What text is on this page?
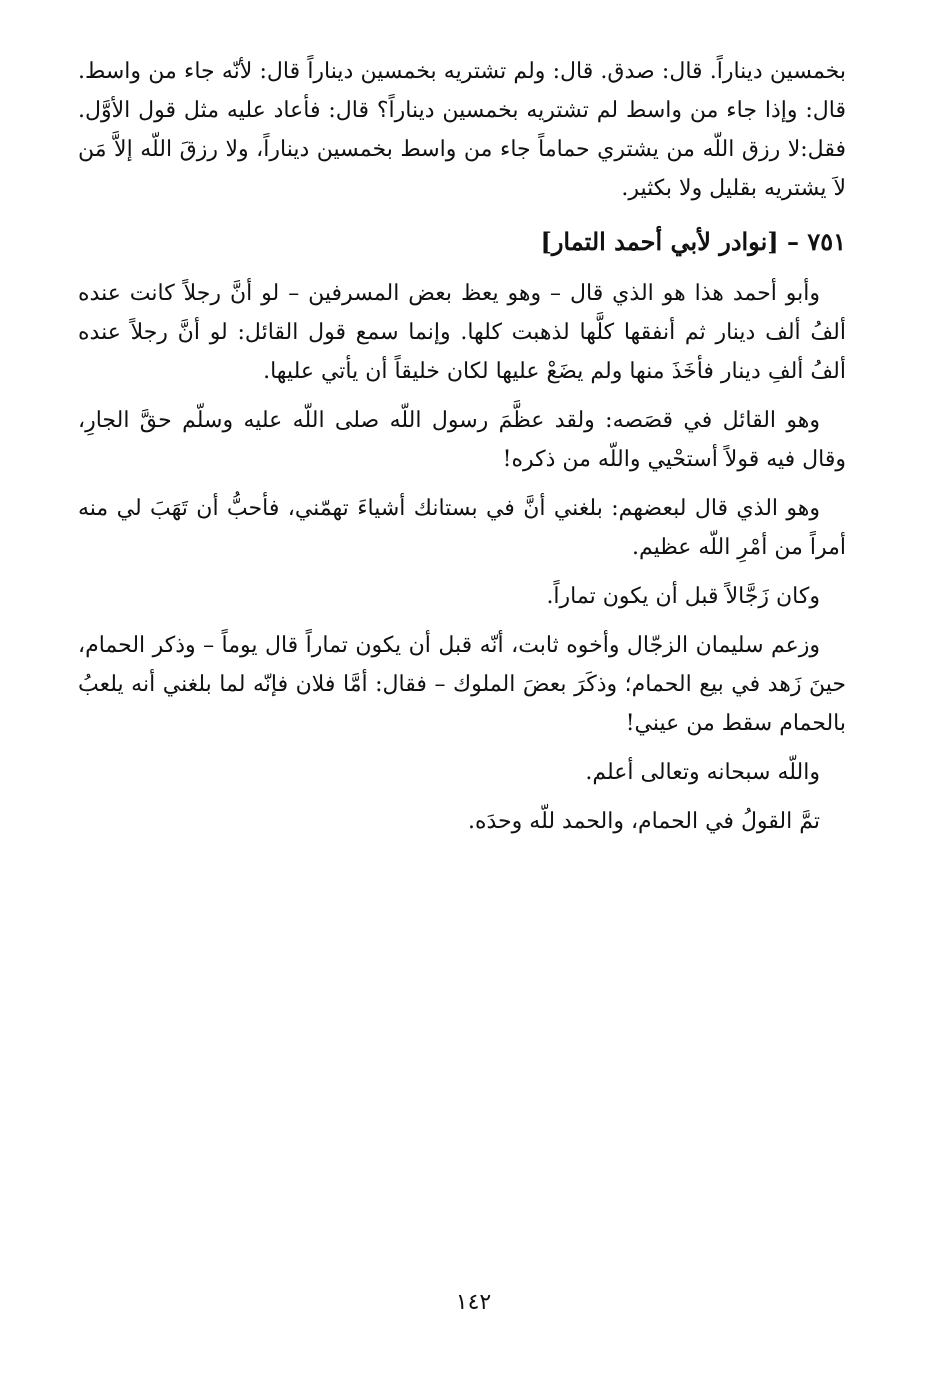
بخمسين ديناراً. قال: صدق. قال: ولم تشتريه بخمسين ديناراً قال: لأنّه جاء من واسط. قال: وإذا جاء من واسط لم تشتريه بخمسين ديناراً؟ قال: فأعاد عليه مثل قول الأوَّل. فقل:لا رزق اللّه من يشتري حماماً جاء من واسط بخمسين ديناراً، ولا رزقَ اللّه إلاَّ مَن لاَ يشتريه بقليل ولا بكثير.

٧٥١ – [نوادر لأبي أحمد التمار]

وأبو أحمد هذا هو الذي قال – وهو يعظ بعض المسرفين – لو أنَّ رجلاً كانت عنده ألفُ ألف دينار ثم أنفقها كلَّها لذهبت كلها. وإنما سمع قول القائل: لو أنَّ رجلاً عنده ألفُ ألفِ دينار فأخَذَ منها ولم يضَعْ عليها لكان خليقاً أن يأتي عليها.

وهو القائل في قصَصه: ولقد عظَّمَ رسول اللّه صلى اللّه عليه وسلّم حقَّ الجارِ، وقال فيه قولاً أستحْيي واللّه من ذكره!

وهو الذي قال لبعضهم: بلغني أنَّ في بستانك أشياءَ تهمّني، فأحبُّ أن تَهَبَ لي منه أمراً من أمْرِ اللّه عظيم.

وكان زَجَّالاً قبل أن يكون تماراً.

وزعم سليمان الزجّال وأخوه ثابت، أنّه قبل أن يكون تماراً قال يوماً – وذكر الحمام، حينَ زَهد في بيع الحمام؛ وذكَرَ بعضَ الملوك – فقال: أمَّا فلان فإنّه لما بلغني أنه يلعبُ بالحمام سقط من عيني!

واللّه سبحانه وتعالى أعلم.

تمَّ القولُ في الحمام، والحمد للّه وحدَه.

١٤٢
